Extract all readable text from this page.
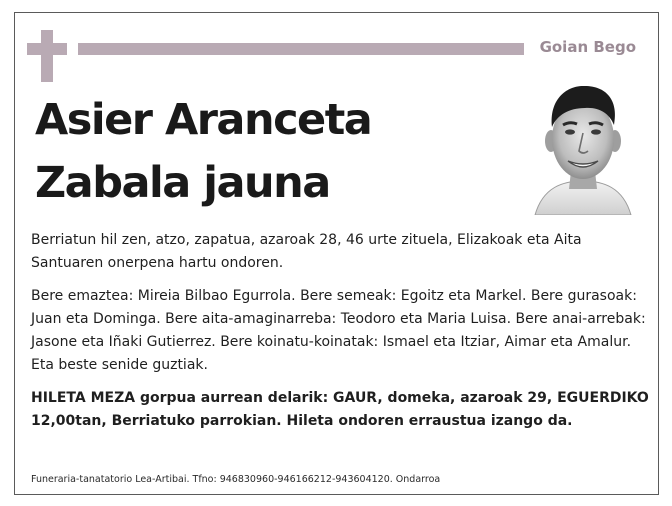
Goian Bego
Asier Aranceta
Zabala jauna

Berriatun hil zen, atzo, zapatua, azaroak 28, 46 urte zituela, Elizakoak eta Aita Santuaren onerpena hartu ondoren.

Bere emaztea: Mireia Bilbao Egurrola. Bere semeak: Egoitz eta Markel. Bere gurasoak: Juan eta Dominga. Bere aita-amaginarreba: Teodoro eta Maria Luisa. Bere anai-arrebak: Jasone eta Iñaki Gutierrez. Bere koinatu-koinatak: Ismael eta Itziar, Aimar eta Amalur. Eta beste senide guztiak.

HILETA MEZA gorpua aurrean delarik: GAUR, domeka, azaroak 29, EGUERDIKO 12,00tan, Berriatuko parrokian. Hileta ondoren erraustua izango da.

Funeraria-tanatatorio Lea-Artibai. Tfno: 946830960-946166212-943604120. Ondarroa
